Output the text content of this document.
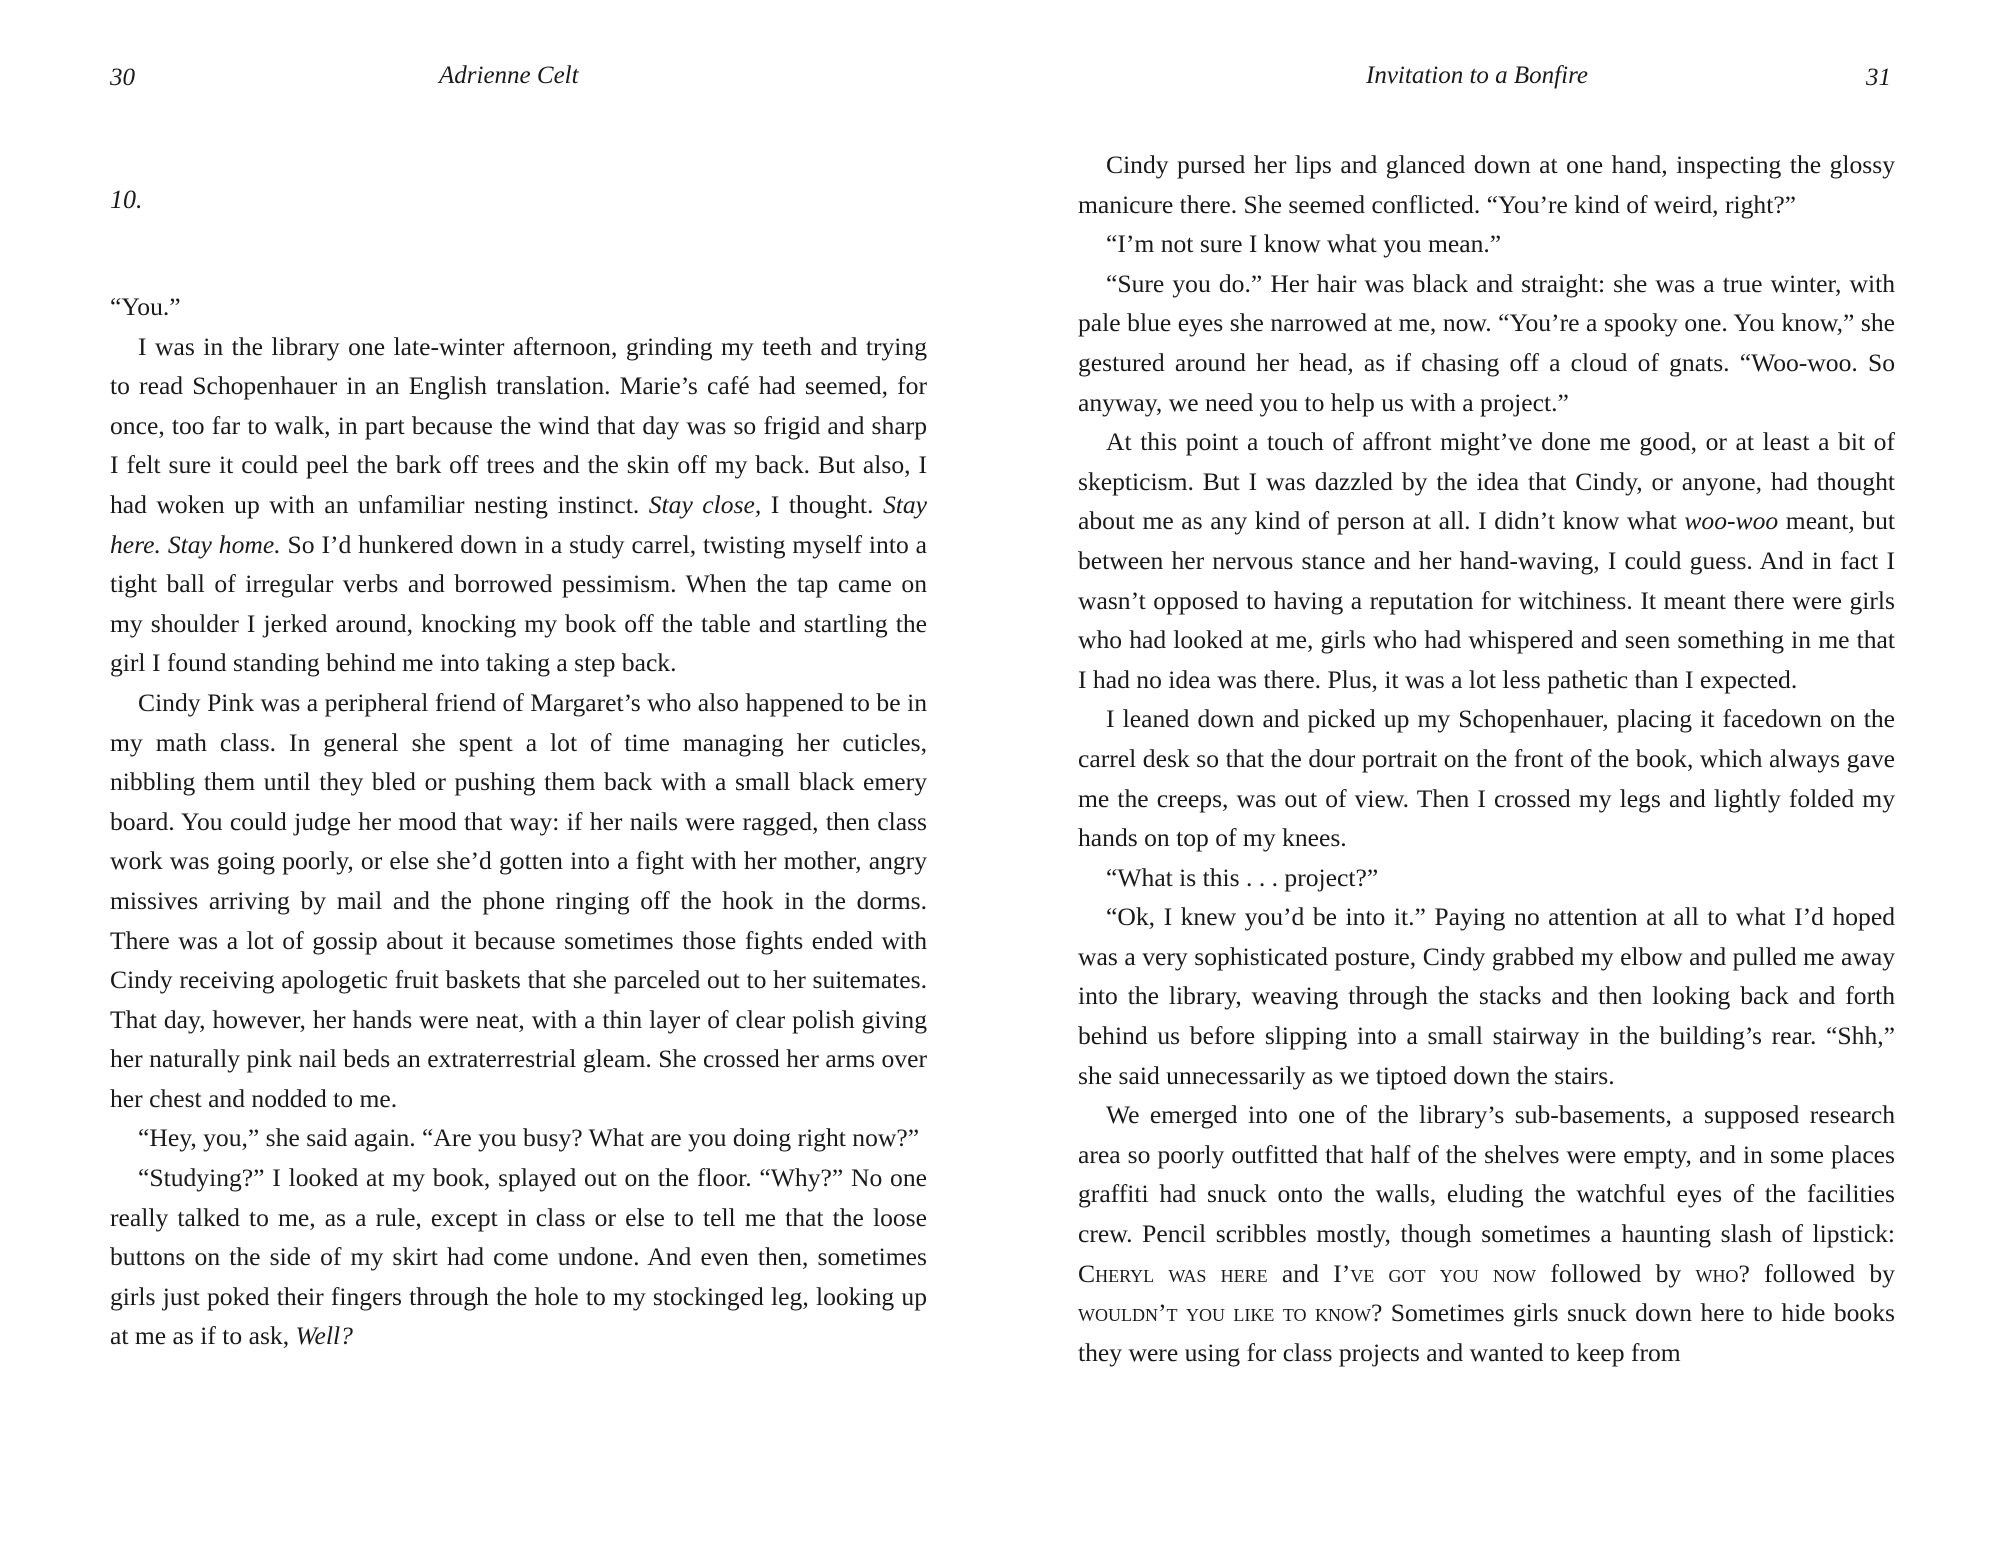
30	Adrienne Celt
10.

“You.”

I was in the library one late-winter afternoon, grinding my teeth and trying to read Schopenhauer in an English translation. Marie’s café had seemed, for once, too far to walk, in part because the wind that day was so frigid and sharp I felt sure it could peel the bark off trees and the skin off my back. But also, I had woken up with an unfamiliar nesting instinct. Stay close, I thought. Stay here. Stay home. So I’d hunkered down in a study carrel, twisting myself into a tight ball of irregular verbs and borrowed pessimism. When the tap came on my shoulder I jerked around, knocking my book off the table and startling the girl I found standing behind me into taking a step back.

Cindy Pink was a peripheral friend of Margaret’s who also happened to be in my math class. In general she spent a lot of time managing her cuticles, nibbling them until they bled or pushing them back with a small black emery board. You could judge her mood that way: if her nails were ragged, then class work was going poorly, or else she’d gotten into a fight with her mother, angry missives arriving by mail and the phone ringing off the hook in the dorms. There was a lot of gossip about it because sometimes those fights ended with Cindy receiving apologetic fruit baskets that she parceled out to her suitemates. That day, however, her hands were neat, with a thin layer of clear polish giving her naturally pink nail beds an extraterrestrial gleam. She crossed her arms over her chest and nodded to me.

“Hey, you,” she said again. “Are you busy? What are you doing right now?”

“Studying?” I looked at my book, splayed out on the floor. “Why?” No one really talked to me, as a rule, except in class or else to tell me that the loose buttons on the side of my skirt had come undone. And even then, sometimes girls just poked their fingers through the hole to my stockinged leg, looking up at me as if to ask, Well?

Invitation to a Bonfire	31

Cindy pursed her lips and glanced down at one hand, inspecting the glossy manicure there. She seemed conflicted. “You’re kind of weird, right?”

“I’m not sure I know what you mean.”

“Sure you do.” Her hair was black and straight: she was a true winter, with pale blue eyes she narrowed at me, now. “You’re a spooky one. You know,” she gestured around her head, as if chasing off a cloud of gnats. “Woo-woo. So anyway, we need you to help us with a project.”

At this point a touch of affront might’ve done me good, or at least a bit of skepticism. But I was dazzled by the idea that Cindy, or anyone, had thought about me as any kind of person at all. I didn’t know what woo-woo meant, but between her nervous stance and her hand-waving, I could guess. And in fact I wasn’t opposed to having a reputation for witchiness. It meant there were girls who had looked at me, girls who had whispered and seen something in me that I had no idea was there. Plus, it was a lot less pathetic than I expected.

I leaned down and picked up my Schopenhauer, placing it facedown on the carrel desk so that the dour portrait on the front of the book, which always gave me the creeps, was out of view. Then I crossed my legs and lightly folded my hands on top of my knees.

“What is this . . . project?”

“Ok, I knew you’d be into it.” Paying no attention at all to what I’d hoped was a very sophisticated posture, Cindy grabbed my elbow and pulled me away into the library, weaving through the stacks and then looking back and forth behind us before slipping into a small stairway in the building’s rear. “Shh,” she said unnecessarily as we tiptoed down the stairs.

We emerged into one of the library’s sub-basements, a supposed research area so poorly outfitted that half of the shelves were empty, and in some places graffiti had snuck onto the walls, eluding the watchful eyes of the facilities crew. Pencil scribbles mostly, though sometimes a haunting slash of lipstick: Cheryl was here and I’ve got you now followed by who? followed by wouldn’t you like to know? Sometimes girls snuck down here to hide books they were using for class projects and wanted to keep from
